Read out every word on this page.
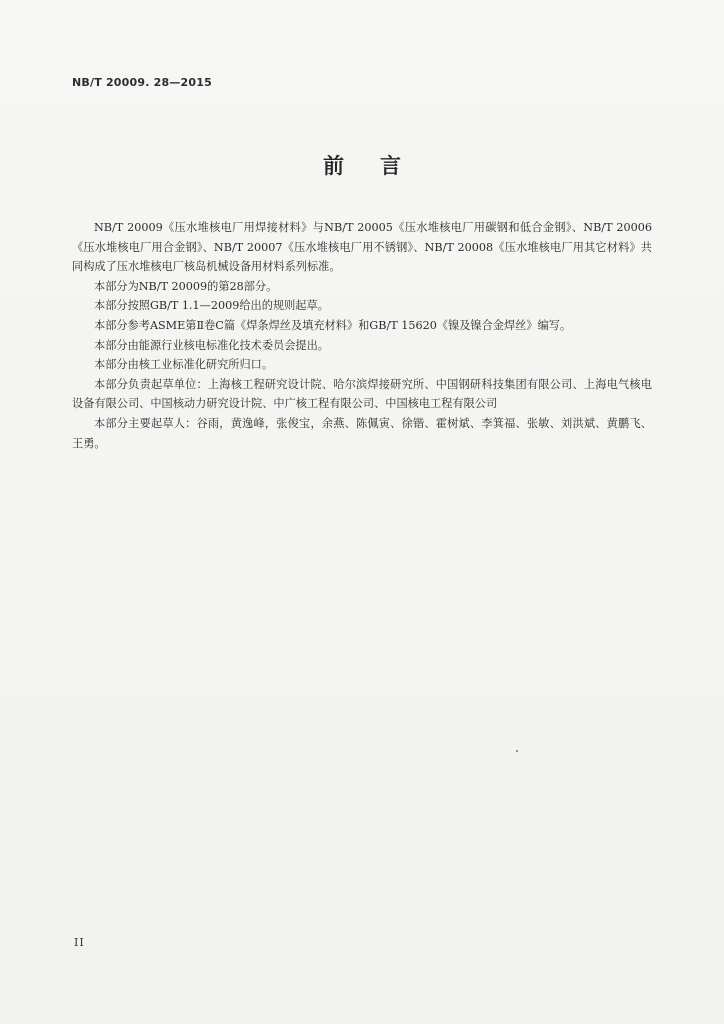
NB/T 20009. 28—2015
前言

NB/T 20009《压水堆核电厂用焊接材料》与NB/T 20005《压水堆核电厂用碳钢和低合金钢》、NB/T 20006《压水堆核电厂用合金钢》、NB/T 20007《压水堆核电厂用不锈钢》、NB/T 20008《压水堆核电厂用其它材料》共同构成了压水堆核电厂核岛机械设备用材料系列标准。

本部分为NB/T 20009的第28部分。

本部分按照GB/T 1.1—2009给出的规则起草。

本部分参考ASME第Ⅱ卷C篇《焊条焊丝及填充材料》和GB/T 15620《镍及镍合金焊丝》编写。

本部分由能源行业核电标准化技术委员会提出。

本部分由核工业标准化研究所归口。

本部分负责起草单位：上海核工程研究设计院、哈尔滨焊接研究所、中国钢研科技集团有限公司、上海电气核电设备有限公司、中国核动力研究设计院、中广核工程有限公司、中国核电工程有限公司

本部分主要起草人：谷雨，黄逸峰，张俊宝，余燕、陈佩寅、徐锴、霍树斌、李箕福、张敏、刘洪斌、黄鹏飞、王勇。

II
